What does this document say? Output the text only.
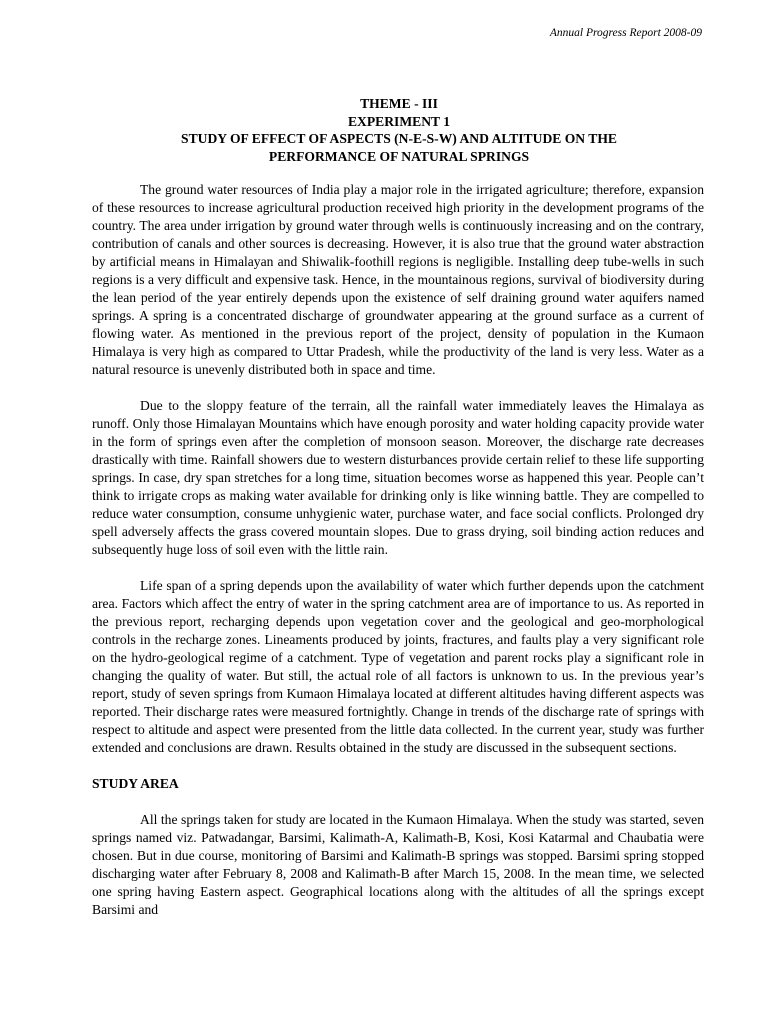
Annual Progress Report 2008-09
THEME - III
EXPERIMENT 1
STUDY OF EFFECT OF ASPECTS (N-E-S-W) AND ALTITUDE ON THE
PERFORMANCE OF NATURAL SPRINGS

The ground water resources of India play a major role in the irrigated agriculture; therefore, expansion of these resources to increase agricultural production received high priority in the development programs of the country. The area under irrigation by ground water through wells is continuously increasing and on the contrary, contribution of canals and other sources is decreasing. However, it is also true that the ground water abstraction by artificial means in Himalayan and Shiwalik-foothill regions is negligible. Installing deep tube-wells in such regions is a very difficult and expensive task. Hence, in the mountainous regions, survival of biodiversity during the lean period of the year entirely depends upon the existence of self draining ground water aquifers named springs. A spring is a concentrated discharge of groundwater appearing at the ground surface as a current of flowing water. As mentioned in the previous report of the project, density of population in the Kumaon Himalaya is very high as compared to Uttar Pradesh, while the productivity of the land is very less. Water as a natural resource is unevenly distributed both in space and time.

Due to the sloppy feature of the terrain, all the rainfall water immediately leaves the Himalaya as runoff. Only those Himalayan Mountains which have enough porosity and water holding capacity provide water in the form of springs even after the completion of monsoon season. Moreover, the discharge rate decreases drastically with time. Rainfall showers due to western disturbances provide certain relief to these life supporting springs. In case, dry span stretches for a long time, situation becomes worse as happened this year. People can’t think to irrigate crops as making water available for drinking only is like winning battle. They are compelled to reduce water consumption, consume unhygienic water, purchase water, and face social conflicts. Prolonged dry spell adversely affects the grass covered mountain slopes. Due to grass drying, soil binding action reduces and subsequently huge loss of soil even with the little rain.

Life span of a spring depends upon the availability of water which further depends upon the catchment area. Factors which affect the entry of water in the spring catchment area are of importance to us. As reported in the previous report, recharging depends upon vegetation cover and the geological and geo-morphological controls in the recharge zones. Lineaments produced by joints, fractures, and faults play a very significant role on the hydro-geological regime of a catchment. Type of vegetation and parent rocks play a significant role in changing the quality of water. But still, the actual role of all factors is unknown to us. In the previous year’s report, study of seven springs from Kumaon Himalaya located at different altitudes having different aspects was reported. Their discharge rates were measured fortnightly. Change in trends of the discharge rate of springs with respect to altitude and aspect were presented from the little data collected. In the current year, study was further extended and conclusions are drawn. Results obtained in the study are discussed in the subsequent sections.

STUDY AREA

All the springs taken for study are located in the Kumaon Himalaya. When the study was started, seven springs named viz. Patwadangar, Barsimi, Kalimath-A, Kalimath-B, Kosi, Kosi Katarmal and Chaubatia were chosen. But in due course, monitoring of Barsimi and Kalimath-B springs was stopped. Barsimi spring stopped discharging water after February 8, 2008 and Kalimath-B after March 15, 2008. In the mean time, we selected one spring having Eastern aspect. Geographical locations along with the altitudes of all the springs except Barsimi and
